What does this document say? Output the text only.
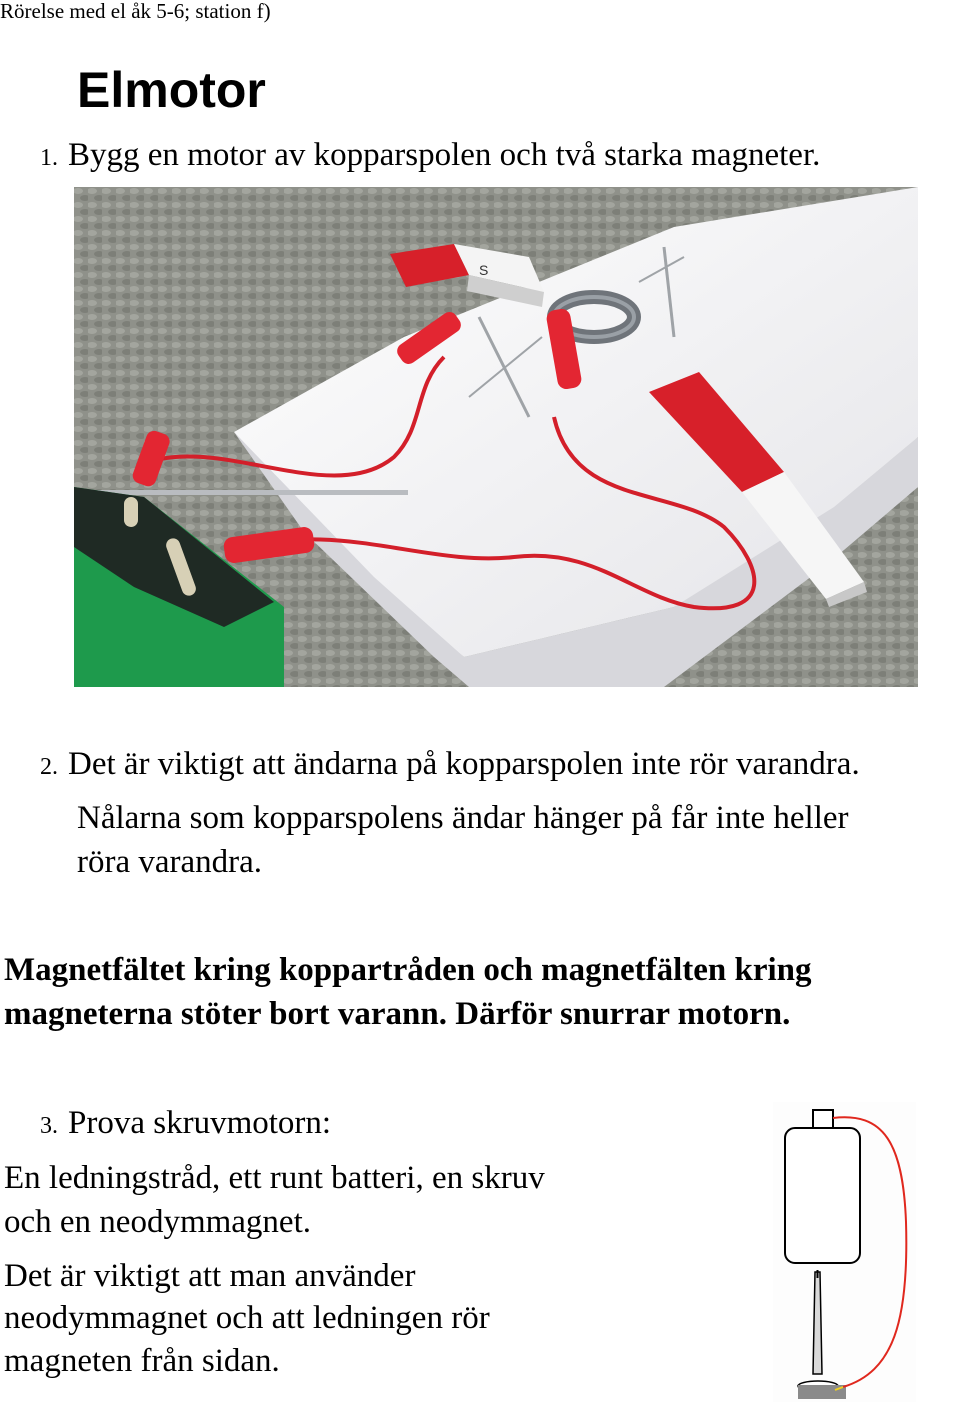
Rörelse med el åk 5-6; station f)
Elmotor
1. Bygg en motor av kopparspolen och två starka magneter.
S
2. Det är viktigt att ändarna på kopparspolen inte rör varandra.
Nålarna som kopparspolens ändar hänger på får inte heller
röra varandra.
Magnetfältet kring koppartråden och magnetfälten kring
magneterna stöter bort varann. Därför snurrar motorn.
3. Prova skruvmotorn:
En ledningstråd, ett runt batteri, en skruv
och en neodymmagnet.
Det är viktigt att man använder
neodymmagnet och att ledningen rör
magneten från sidan.
